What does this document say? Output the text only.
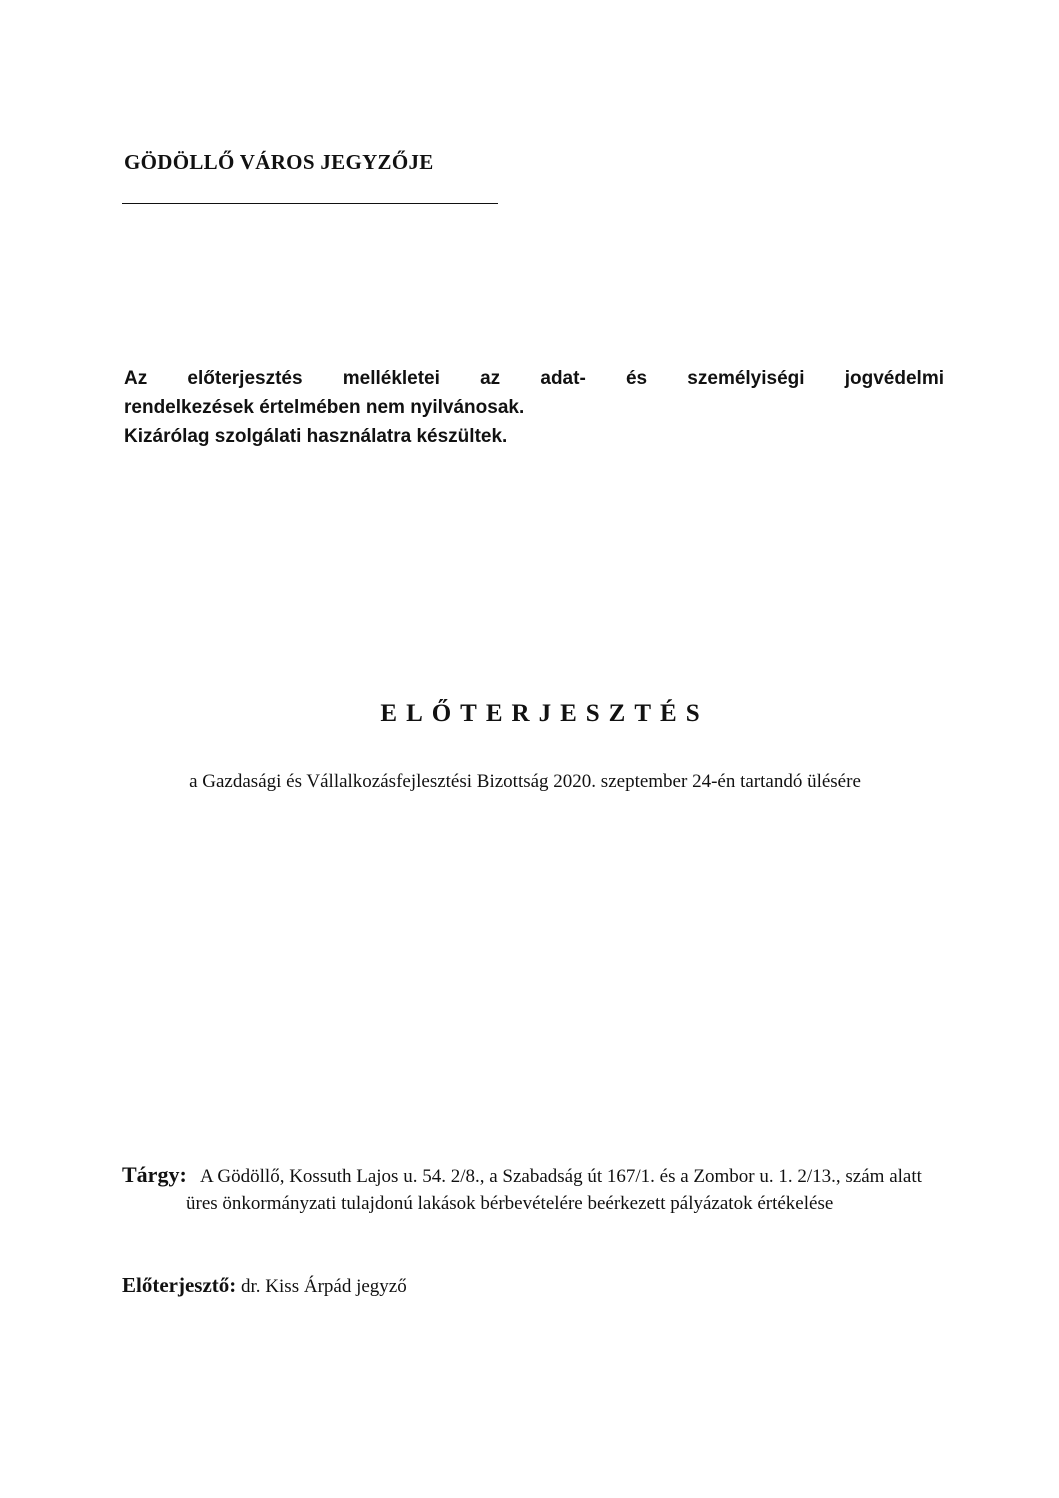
GÖDÖLLŐ VÁROS JEGYZŐJE

Az előterjesztés mellékletei az adat- és személyiségi jogvédelmi

rendelkezések értelmében nem nyilvánosak.

Kizárólag szolgálati használatra készültek.

ELŐTERJESZTÉS
a Gazdasági és Vállalkozásfejlesztési Bizottság 2020. szeptember 24-én tartandó ülésére
Tárgy: A Gödöllő, Kossuth Lajos u. 54. 2/8., a Szabadság út 167/1. és a Zombor u. 1. 2/13., szám alatt üres önkormányzati tulajdonú lakások bérbevételére beérkezett pályázatok értékelése
Előterjesztő: dr. Kiss Árpád jegyző
